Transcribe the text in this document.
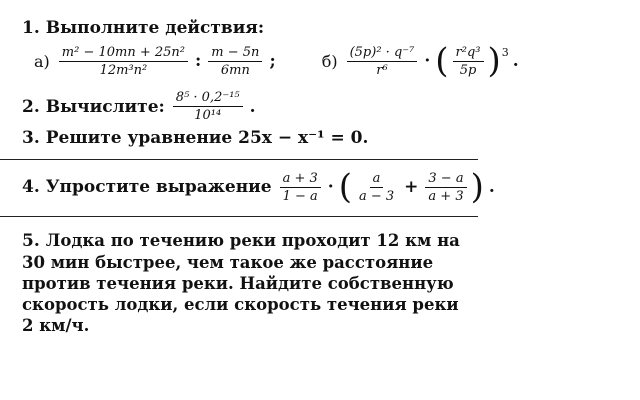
1. Выполните действия:
$а) \frac{\text{m² − 10mn + 25n²}}{\text{12m³n²}}$ : $\frac{m - 5n}{6mn}$ ;	$б) \frac{\text{(5p)² · q⁻⁷}}{\text{r⁶}}$ · ( $\frac{\text{r²q³}}{5p}$ ) 3 .
2. Вычислите: $\frac{\text{8⁵ · 0,2⁻¹⁵}}{\text{10¹⁴}}$ .
3. Решите уравнение 25x − x⁻¹ = 0.
4. Упростите выражение $\frac{a + 3}{1 - a}$ · ( $\frac{a}{a - 3} + \frac{3 - a}{a + 3}$ ) .
5. Лодка по течению реки проходит 12 км на 30 мин быстрее, чем такое же расстояние против течения реки. Найдите собственную скорость лодки, если скорость течения реки 2 км/ч.
